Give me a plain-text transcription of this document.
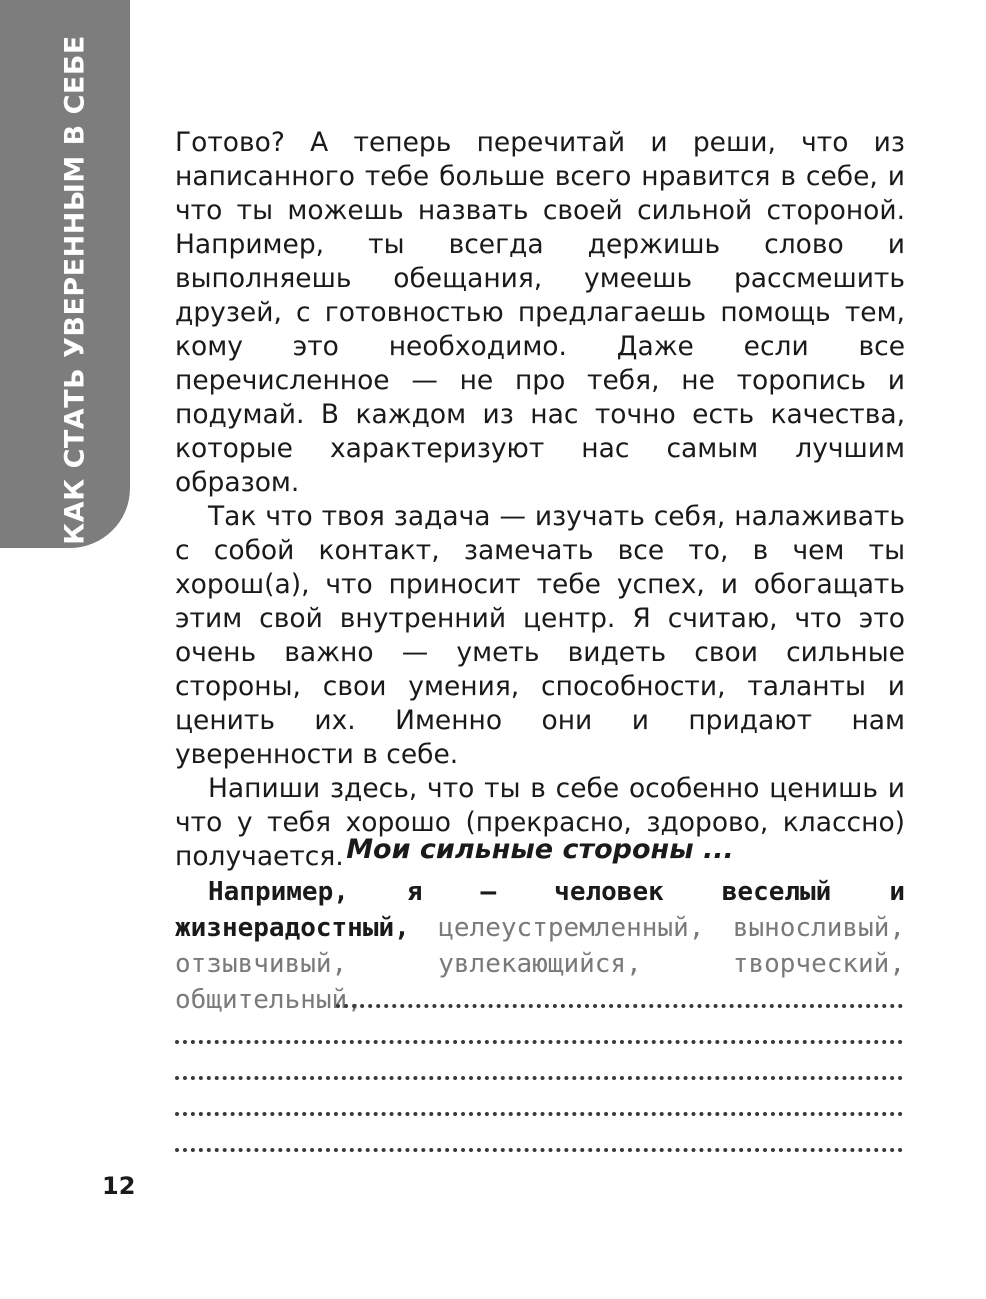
КАК СТАТЬ УВЕРЕННЫМ В СЕБЕ	Готово? А теперь перечитай и реши, что из написанного тебе больше всего нравится в себе, и что ты можешь назвать своей сильной стороной. Например, ты всегда держишь слово и выполняешь обещания, умеешь рассмешить друзей, с готовностью предлагаешь помощь тем, кому это необходимо. Даже если все перечисленное — не про тебя, не торопись и подумай. В каждом из нас точно есть качества, которые характеризуют нас самым лучшим образом.

Так что твоя задача — изучать себя, налаживать с собой контакт, замечать все то, в чем ты хорош(а), что приносит тебе успех, и обогащать этим свой внутренний центр. Я считаю, что это очень важно — уметь видеть свои сильные стороны, свои умения, способности, таланты и ценить их. Именно они и придают нам уверенности в себе.

Напиши здесь, что ты в себе особенно ценишь и что у тебя хорошо (прекрасно, здорово, классно) получается. Мои сильные стороны ...
Например, я — человек веселый и жизнерадостный, целеустремленный, выносливый, отзывчивый, увлекающийся, творческий, общительный,
12
